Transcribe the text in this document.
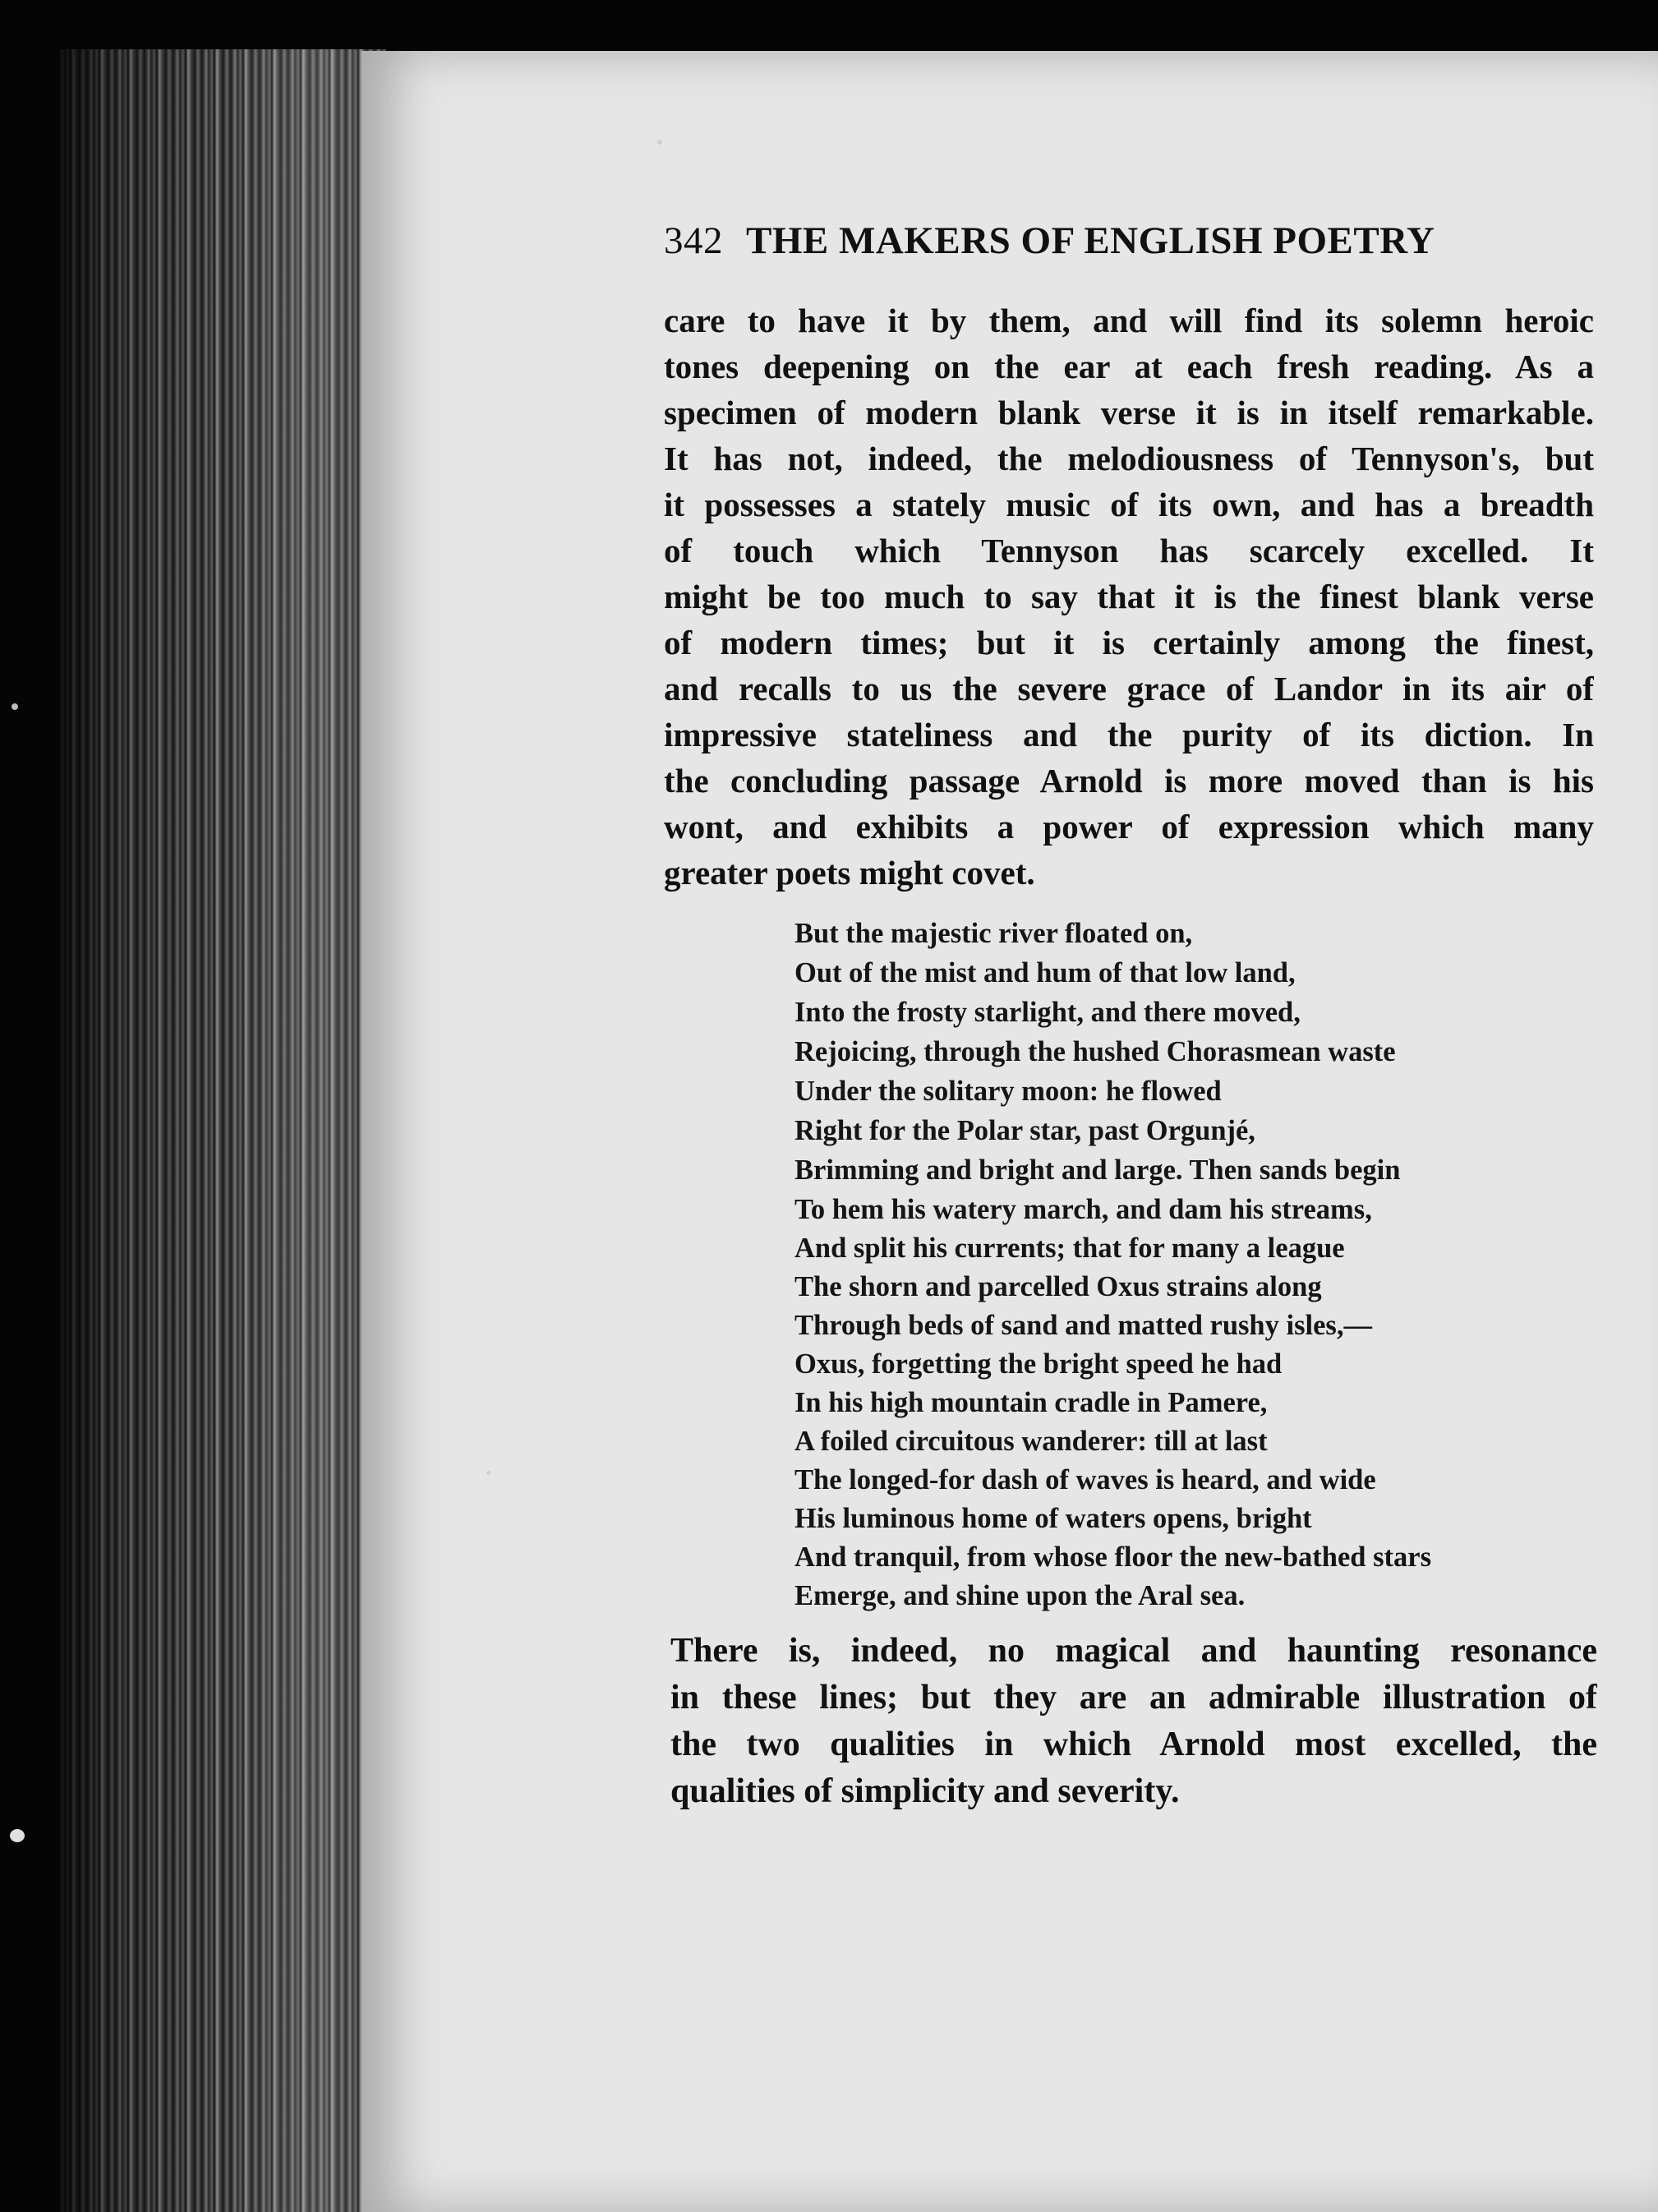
342 THE MAKERS OF ENGLISH POETRY
care to have it by them, and will find its solemn heroic
tones deepening on the ear at each fresh reading. As a
specimen of modern blank verse it is in itself remarkable.
It has not, indeed, the melodiousness of Tennyson's, but
it possesses a stately music of its own, and has a breadth
of touch which Tennyson has scarcely excelled. It
might be too much to say that it is the finest blank verse
of modern times; but it is certainly among the finest,
and recalls to us the severe grace of Landor in its air of
impressive stateliness and the purity of its diction. In
the concluding passage Arnold is more moved than is his
wont, and exhibits a power of expression which many
greater poets might covet.
But the majestic river floated on,
Out of the mist and hum of that low land,
Into the frosty starlight, and there moved,
Rejoicing, through the hushed Chorasmean waste
Under the solitary moon: he flowed
Right for the Polar star, past Orgunjé,
Brimming and bright and large. Then sands begin
To hem his watery march, and dam his streams,
And split his currents; that for many a league
The shorn and parcelled Oxus strains along
Through beds of sand and matted rushy isles,—
Oxus, forgetting the bright speed he had
In his high mountain cradle in Pamere,
A foiled circuitous wanderer: till at last
The longed-for dash of waves is heard, and wide
His luminous home of waters opens, bright
And tranquil, from whose floor the new-bathed stars
Emerge, and shine upon the Aral sea.
There is, indeed, no magical and haunting resonance
in these lines; but they are an admirable illustration of
the two qualities in which Arnold most excelled, the
qualities of simplicity and severity.
